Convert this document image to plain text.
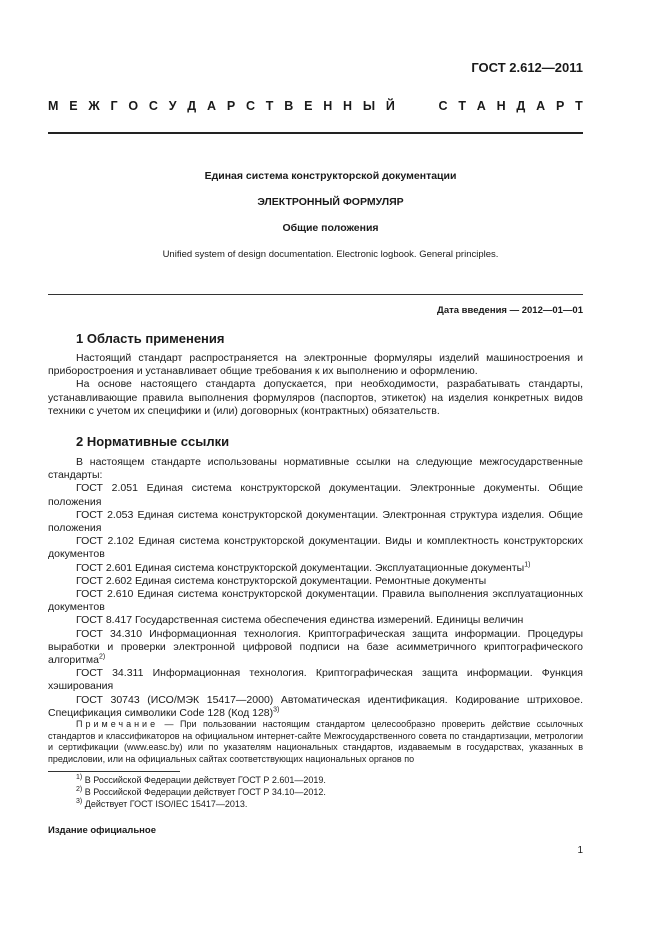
ГОСТ 2.612—2011
М Е Ж Г О С У Д А Р С Т В Е Н Н Ы Й	С Т А Н Д А Р Т
Единая система конструкторской документации
ЭЛЕКТРОННЫЙ ФОРМУЛЯР
Общие положения
Unified system of design documentation. Electronic logbook. General principles.
Дата введения — 2012—01—01
1 Область применения

Настоящий стандарт распространяется на электронные формуляры изделий машиностроения и приборостроения и устанавливает общие требования к их выполнению и оформлению.

На основе настоящего стандарта допускается, при необходимости, разрабатывать стандарты, устанавливающие правила выполнения формуляров (паспортов, этикеток) на изделия конкретных видов техники с учетом их специфики и (или) договорных (контрактных) обязательств.

2 Нормативные ссылки

В настоящем стандарте использованы нормативные ссылки на следующие межгосударственные стандарты:

ГОСТ 2.051 Единая система конструкторской документации. Электронные документы. Общие положения

ГОСТ 2.053 Единая система конструкторской документации. Электронная структура изделия. Общие положения

ГОСТ 2.102 Единая система конструкторской документации. Виды и комплектность конструкторских документов

ГОСТ 2.601 Единая система конструкторской документации. Эксплуатационные документы$^{1)}$

ГОСТ 2.602 Единая система конструкторской документации. Ремонтные документы

ГОСТ 2.610 Единая система конструкторской документации. Правила выполнения эксплуатационных документов

ГОСТ 8.417 Государственная система обеспечения единства измерений. Единицы величин

ГОСТ 34.310 Информационная технология. Криптографическая защита информации. Процедуры выработки и проверки электронной цифровой подписи на базе асимметричного криптографического алгоритма$^{2)}$

ГОСТ 34.311 Информационная технология. Криптографическая защита информации. Функция хэширования

ГОСТ 30743 (ИСО/МЭК 15417—2000) Автоматическая идентификация. Кодирование штриховое. Спецификация символики Code 128 (Код 128)$^{3)}$

Примечание — При пользовании настоящим стандартом целесообразно проверить действие ссылочных стандартов и классификаторов на официальном интернет-сайте Межгосударственного совета по стандартизации, метрологии и сертификации (www.easc.by) или по указателям национальных стандартов, издаваемым в государствах, указанных в предисловии, или на официальных сайтах соответствующих национальных органов по

$^{1)}$ В Российской Федерации действует ГОСТ Р 2.601—2019.
$^{2)}$ В Российской Федерации действует ГОСТ Р 34.10—2012.
$^{3)}$ Действует ГОСТ ISO/IEC 15417—2013.
Издание официальное
1
